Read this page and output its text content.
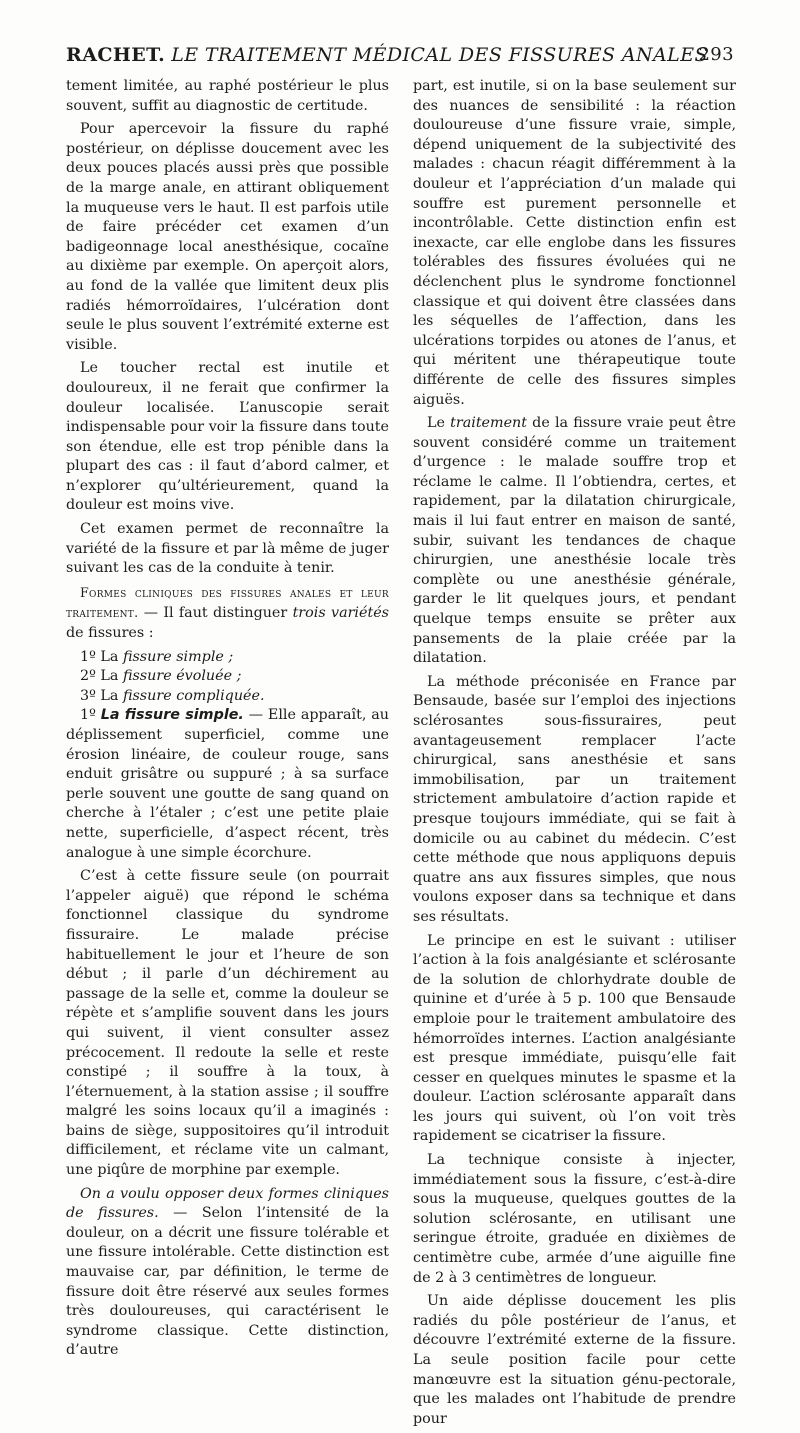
RACHET. LE TRAITEMENT MÉDICAL DES FISSURES ANALES
293

tement limitée, au raphé postérieur le plus souvent, suffit au diagnostic de certitude.

Pour apercevoir la fissure du raphé postérieur, on déplisse doucement avec les deux pouces placés aussi près que possible de la marge anale, en attirant obliquement la muqueuse vers le haut. Il est parfois utile de faire précéder cet examen d’un badigeonnage local anesthésique, cocaïne au dixième par exemple. On aperçoit alors, au fond de la vallée que limitent deux plis radiés hémorroïdaires, l’ulcération dont seule le plus souvent l’extrémité externe est visible.

Le toucher rectal est inutile et douloureux, il ne ferait que confirmer la douleur localisée. L’anuscopie serait indispensable pour voir la fissure dans toute son étendue, elle est trop pénible dans la plupart des cas : il faut d’abord calmer, et n’explorer qu’ultérieurement, quand la douleur est moins vive.

Cet examen permet de reconnaître la variété de la fissure et par là même de juger suivant les cas de la conduite à tenir.

Formes cliniques des fissures anales et leur traitement. — Il faut distinguer trois variétés de fissures :

1º La fissure simple ;
2º La fissure évoluée ;
3º La fissure compliquée.

1º La fissure simple. — Elle apparaît, au déplissement superficiel, comme une érosion linéaire, de couleur rouge, sans enduit grisâtre ou suppuré ; à sa surface perle souvent une goutte de sang quand on cherche à l’étaler ; c’est une petite plaie nette, superficielle, d’aspect récent, très analogue à une simple écorchure.

C’est à cette fissure seule (on pourrait l’appeler aiguë) que répond le schéma fonctionnel classique du syndrome fissuraire. Le malade précise habituellement le jour et l’heure de son début ; il parle d’un déchirement au passage de la selle et, comme la douleur se répète et s’amplifie souvent dans les jours qui suivent, il vient consulter assez précocement. Il redoute la selle et reste constipé ; il souffre à la toux, à l’éternuement, à la station assise ; il souffre malgré les soins locaux qu’il a imaginés : bains de siège, suppositoires qu’il introduit difficilement, et réclame vite un calmant, une piqûre de morphine par exemple.

On a voulu opposer deux formes cliniques de fissures. — Selon l’intensité de la douleur, on a décrit une fissure tolérable et une fissure intolérable. Cette distinction est mauvaise car, par définition, le terme de fissure doit être réservé aux seules formes très douloureuses, qui caractérisent le syndrome classique. Cette distinction, d’autre

part, est inutile, si on la base seulement sur des nuances de sensibilité : la réaction douloureuse d’une fissure vraie, simple, dépend uniquement de la subjectivité des malades : chacun réagit différemment à la douleur et l’appréciation d’un malade qui souffre est purement personnelle et incontrôlable. Cette distinction enfin est inexacte, car elle englobe dans les fissures tolérables des fissures évoluées qui ne déclenchent plus le syndrome fonctionnel classique et qui doivent être classées dans les séquelles de l’affection, dans les ulcérations torpides ou atones de l’anus, et qui méritent une thérapeutique toute différente de celle des fissures simples aiguës.

Le traitement de la fissure vraie peut être souvent considéré comme un traitement d’urgence : le malade souffre trop et réclame le calme. Il l’obtiendra, certes, et rapidement, par la dilatation chirurgicale, mais il lui faut entrer en maison de santé, subir, suivant les tendances de chaque chirurgien, une anesthésie locale très complète ou une anesthésie générale, garder le lit quelques jours, et pendant quelque temps ensuite se prêter aux pansements de la plaie créée par la dilatation.

La méthode préconisée en France par Bensaude, basée sur l’emploi des injections sclérosantes sous-fissuraires, peut avantageusement remplacer l’acte chirurgical, sans anesthésie et sans immobilisation, par un traitement strictement ambulatoire d’action rapide et presque toujours immédiate, qui se fait à domicile ou au cabinet du médecin. C’est cette méthode que nous appliquons depuis quatre ans aux fissures simples, que nous voulons exposer dans sa technique et dans ses résultats.

Le principe en est le suivant : utiliser l’action à la fois analgésiante et sclérosante de la solution de chlorhydrate double de quinine et d’urée à 5 p. 100 que Bensaude emploie pour le traitement ambulatoire des hémorroïdes internes. L’action analgésiante est presque immédiate, puisqu’elle fait cesser en quelques minutes le spasme et la douleur. L’action sclérosante apparaît dans les jours qui suivent, où l’on voit très rapidement se cicatriser la fissure.

La technique consiste à injecter, immédiatement sous la fissure, c’est-à-dire sous la muqueuse, quelques gouttes de la solution sclérosante, en utilisant une seringue étroite, graduée en dixièmes de centimètre cube, armée d’une aiguille fine de 2 à 3 centimètres de longueur.

Un aide déplisse doucement les plis radiés du pôle postérieur de l’anus, et découvre l’extrémité externe de la fissure. La seule position facile pour cette manœuvre est la situation génu-pectorale, que les malades ont l’habitude de prendre pour
